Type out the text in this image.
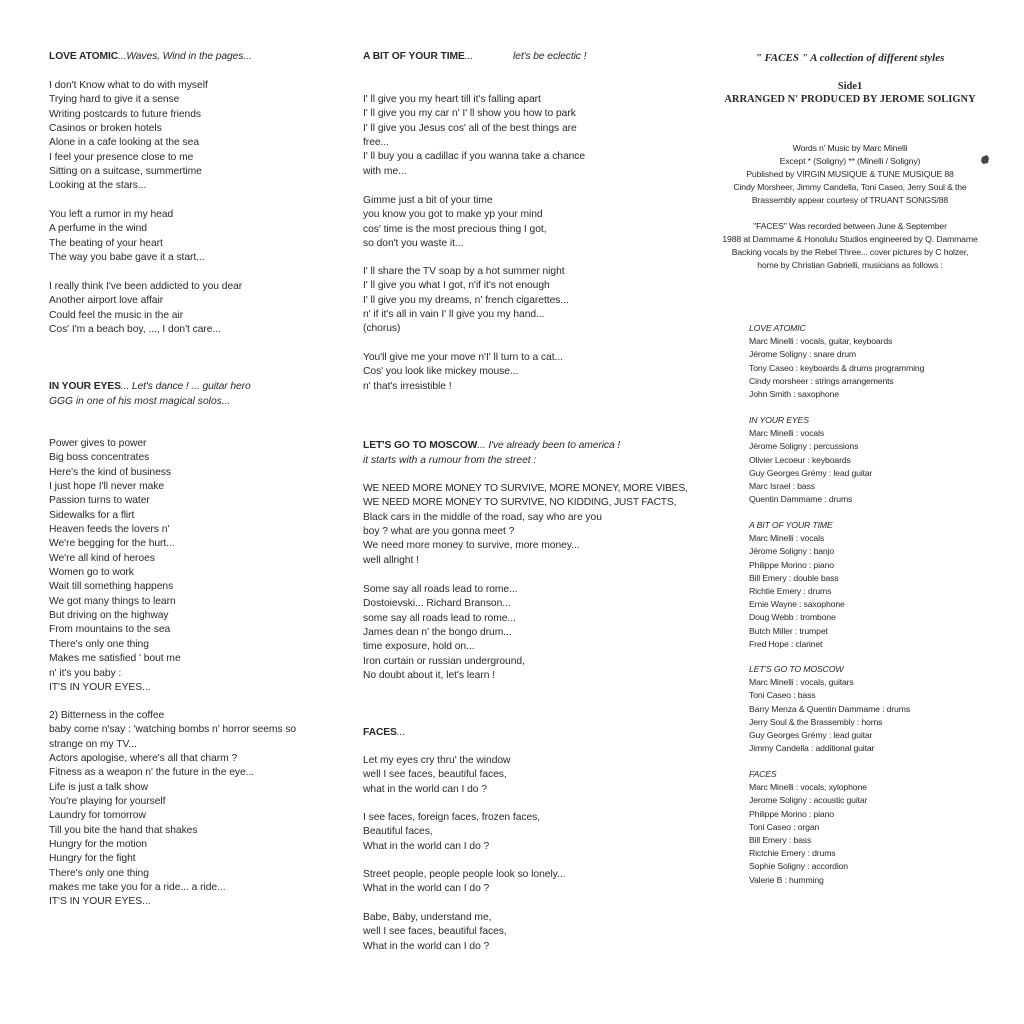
LOVE ATOMIC...Waves, Wind in the pages...
I don't Know what to do with myself
Trying hard to give it a sense
Writing postcards to future friends
Casinos or broken hotels
Alone in a cafe looking at the sea
I feel your presence close to me
Sitting on a suitcase, summertime
Looking at the stars...
You left a rumor in my head
A perfume in the wind
The beating of your heart
The way you babe gave it a start...
I really think I've been addicted to you dear
Another airport love affair
Could feel the music in the air
Cos' I'm a beach boy, ..., I don't care...
IN YOUR EYES... Let's dance ! ... guitar hero
GGG in one of his most magical solos...
Power gives to power
Big boss concentrates
Here's the kind of business
I just hope I'll never make
Passion turns to water
Sidewalks for a flirt
Heaven feeds the lovers n'
We're begging for the hurt...
We're all kind of heroes
Women go to work
Wait till something happens
We got many things to learn
But driving on the highway
From mountains to the sea
There's only one thing
Makes me satisfied ' bout me
n' it's you baby :
IT'S IN YOUR EYES...
2) Bitterness in the coffee
baby come n'say : 'watching bombs n' horror seems so
strange on my TV...
Actors apologise, where's all that charm ?
Fitness as a weapon n' the future in the eye...
Life is just a talk show
You're playing for yourself
Laundry for tomorrow
Till you bite the hand that shakes
Hungry for the motion
Hungry for the fight
There's only one thing
makes me take you for a ride... a ride...
IT'S IN YOUR EYES...
A BIT OF YOUR TIME...	let's be eclectic !
I' ll give you my heart till it's falling apart
I' ll give you my car n' I' ll show you how to park
I' ll give you Jesus cos' all of the best things are
free...
I' ll buy you a cadillac if you wanna take a chance
with me...
Gimme just a bit of your time
you know you got to make yp your mind
cos' time is the most precious thing I got,
so don't you waste it...
I' ll share the TV soap by a hot summer night
I' ll give you what I got, n'if it's not enough
I' ll give you my dreams, n' french cigarettes...
n' if it's all in vain I' ll give you my hand...
(chorus)
You'll give me your move n'I' ll turn to a cat...
Cos' you look like mickey mouse...
n' that's irresistible !
LET'S GO TO MOSCOW... I've already been to america !
it starts with a rumour from the street :
WE NEED MORE MONEY TO SURVIVE, MORE MONEY, MORE VIBES,
WE NEED MORE MONEY TO SURVIVE, NO KIDDING, JUST FACTS,
Black cars in the middle of the road, say who are you
boy ? what are you gonna meet ?
We need more money to survive, more money...
well allright !
Some say all roads lead to rome...
Dostoievski... Richard Branson...
some say all roads lead to rome...
James dean n' the bongo drum...
time exposure, hold on...
Iron curtain or russian underground,
No doubt about it, let's learn !
FACES...
Let my eyes cry thru' the window
well I see faces, beautiful faces,
what in the world can I do ?
I see faces, foreign faces, frozen faces,
Beautiful faces,
What in the world can I do ?
Street people, people people look so lonely...
What in the world can I do ?
Babe, Baby, understand me,
well I see faces, beautiful faces,
What in the world can I do ?
" FACES " A collection of different styles
Side1
ARRANGED N' PRODUCED BY JEROME SOLIGNY
Words n' Music by Marc Minelli
Except * (Soligny) ** (Minelli / Soligny)
Published by VIRGIN MUSIQUE & TUNE MUSIQUE 88
Cindy Morsheer, Jimmy Candella, Toni Caseo, Jerry Soul & the
Brassembly appear courtesy of TRUANT SONGS/88
"FACES" Was recorded between June & September
1988 at Dammame & Honolulu Studios engineered by Q. Dammame
Backing vocals by the Rebel Three... cover pictures by C holzer,
home by Christian Gabrielli, musicians as follows :
LOVE ATOMIC
Marc Minelli : vocals, guitar, keyboards
Jérome Soligny : snare drum
Tony Caseo : keyboards & drums programming
Cindy morsheer : strings arrangements
John Smith : saxophone
IN YOUR EYES
Marc Minelli : vocals
Jérome Soligny : percussions
Olivier Lecoeur : keyboards
Guy Georges Grémy : lead guitar
Marc Israel : bass
Quentin Dammame : drums
A BIT OF YOUR TIME
Marc Minelli : vocals
Jérome Soligny : banjo
Philippe Morino : piano
Bill Emery : double bass
Richtie Emery : drums
Ernie Wayne : saxophone
Doug Webb : trombone
Butch Miller : trumpet
Fred Hope : clarinet
LET'S GO TO MOSCOW
Marc Minelli : vocals, guitars
Toni Caseo : bass
Barry Menza & Quentin Dammame : drums
Jerry Soul & the Brassembly : horns
Guy Georges Grémy : lead guitar
Jimmy Candella : additional guitar
FACES
Marc Minelli : vocals, xylophone
Jerome Soligny : acoustic guitar
Philippe Morino : piano
Toni Caseo : organ
Bill Emery : bass
Rictchie Emery : drums
Sophie Soligny : accordion
Valerie B : humming
